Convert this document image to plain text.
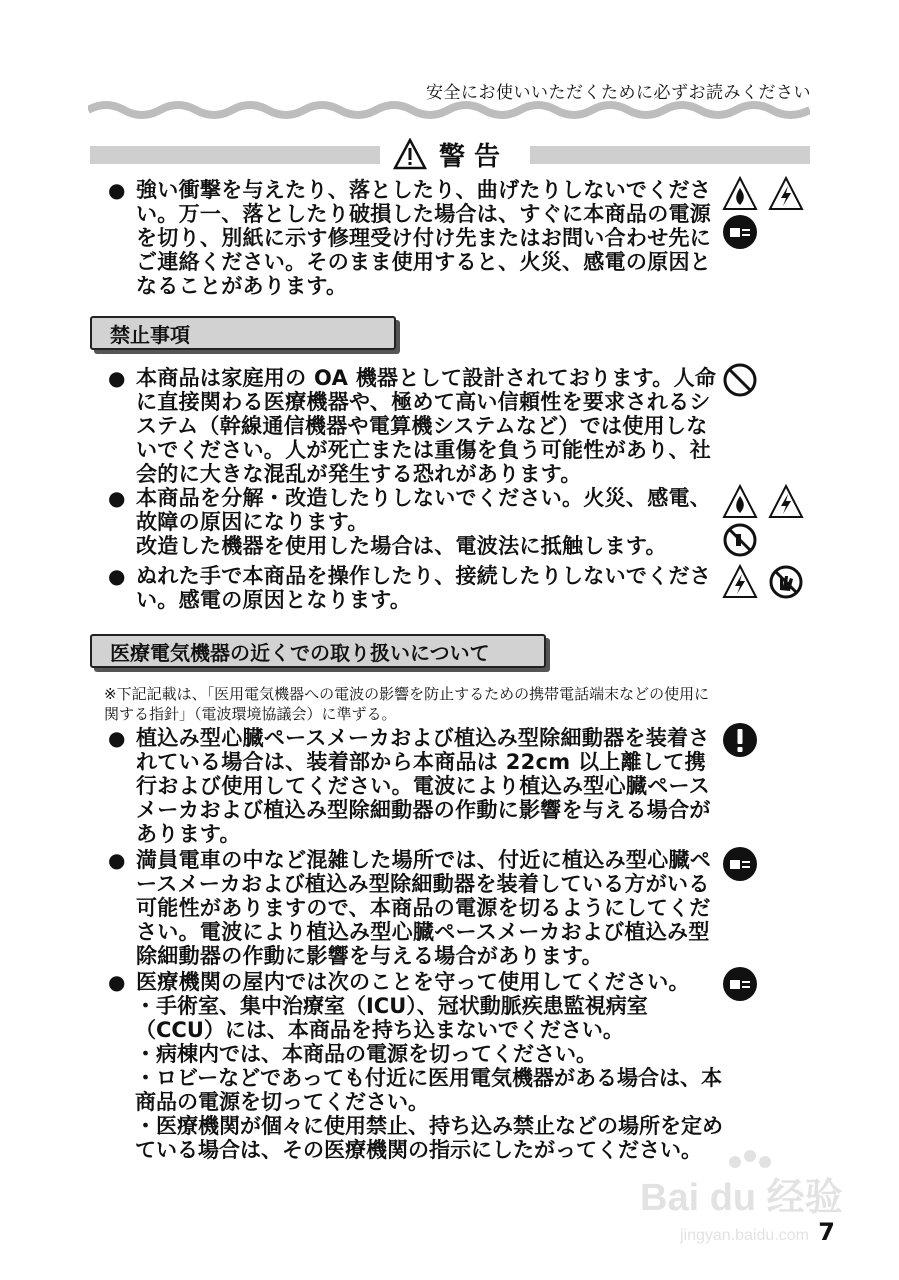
安全にお使いいただくために必ずお読みください
警 告
● 強い衝撃を与えたり、落としたり、曲げたりしないでください。万一、落としたり破損した場合は、すぐに本商品の電源を切り、別紙に示す修理受け付け先またはお問い合わせ先にご連絡ください。そのまま使用すると、火災、感電の原因となることがあります。
禁止事項
● 本商品は家庭用の OA 機器として設計されております。人命に直接関わる医療機器や、極めて高い信頼性を要求されるシステム（幹線通信機器や電算機システムなど）では使用しないでください。人が死亡または重傷を負う可能性があり、社会的に大きな混乱が発生する恐れがあります。
● 本商品を分解・改造したりしないでください。火災、感電、故障の原因になります。
改造した機器を使用した場合は、電波法に抵触します。
● ぬれた手で本商品を操作したり、接続したりしないでください。感電の原因となります。
医療電気機器の近くでの取り扱いについて
※下記記載は、「医用電気機器への電波の影響を防止するための携帯電話端末などの使用に関する指針」（電波環境協議会）に準ずる。
● 植込み型心臓ペースメーカおよび植込み型除細動器を装着されている場合は、装着部から本商品は 22cm 以上離して携行および使用してください。電波により植込み型心臓ペースメーカおよび植込み型除細動器の作動に影響を与える場合があります。
● 満員電車の中など混雑した場所では、付近に植込み型心臓ペースメーカおよび植込み型除細動器を装着している方がいる可能性がありますので、本商品の電源を切るようにしてください。電波により植込み型心臓ペースメーカおよび植込み型除細動器の作動に影響を与える場合があります。
● 医療機関の屋内では次のことを守って使用してください。
・手術室、集中治療室（ICU）、冠状動脈疾患監視病室（CCU）には、本商品を持ち込まないでください。
・病棟内では、本商品の電源を切ってください。
・ロビーなどであっても付近に医用電気機器がある場合は、本商品の電源を切ってください。
・医療機関が個々に使用禁止、持ち込み禁止などの場所を定めている場合は、その医療機関の指示にしたがってください。
Bai du 经验
jingyan.baidu.com 7
